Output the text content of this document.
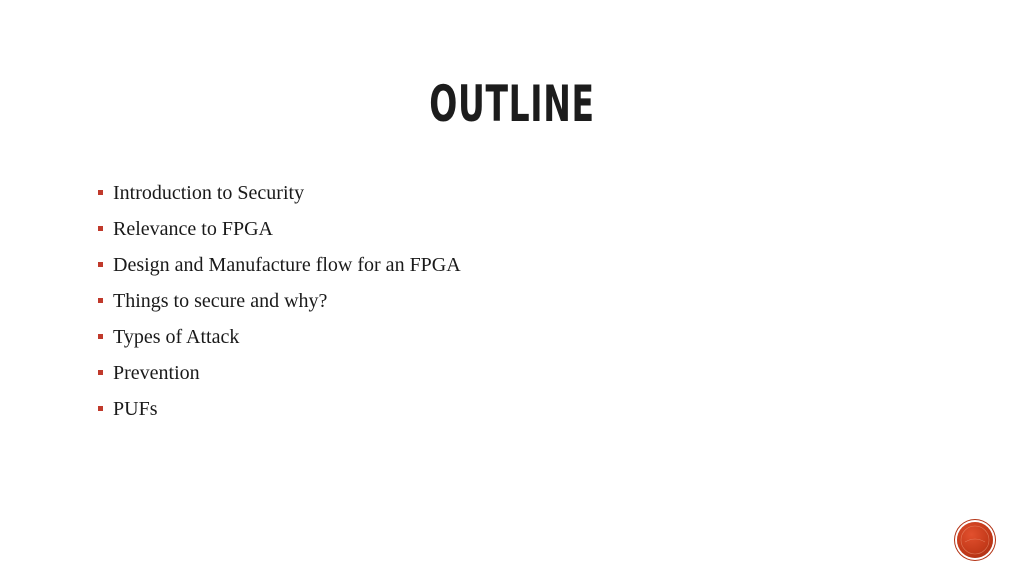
OUTLINE
Introduction to Security
Relevance to FPGA
Design and Manufacture flow for an FPGA
Things to secure and why?
Types of Attack
Prevention
PUFs
